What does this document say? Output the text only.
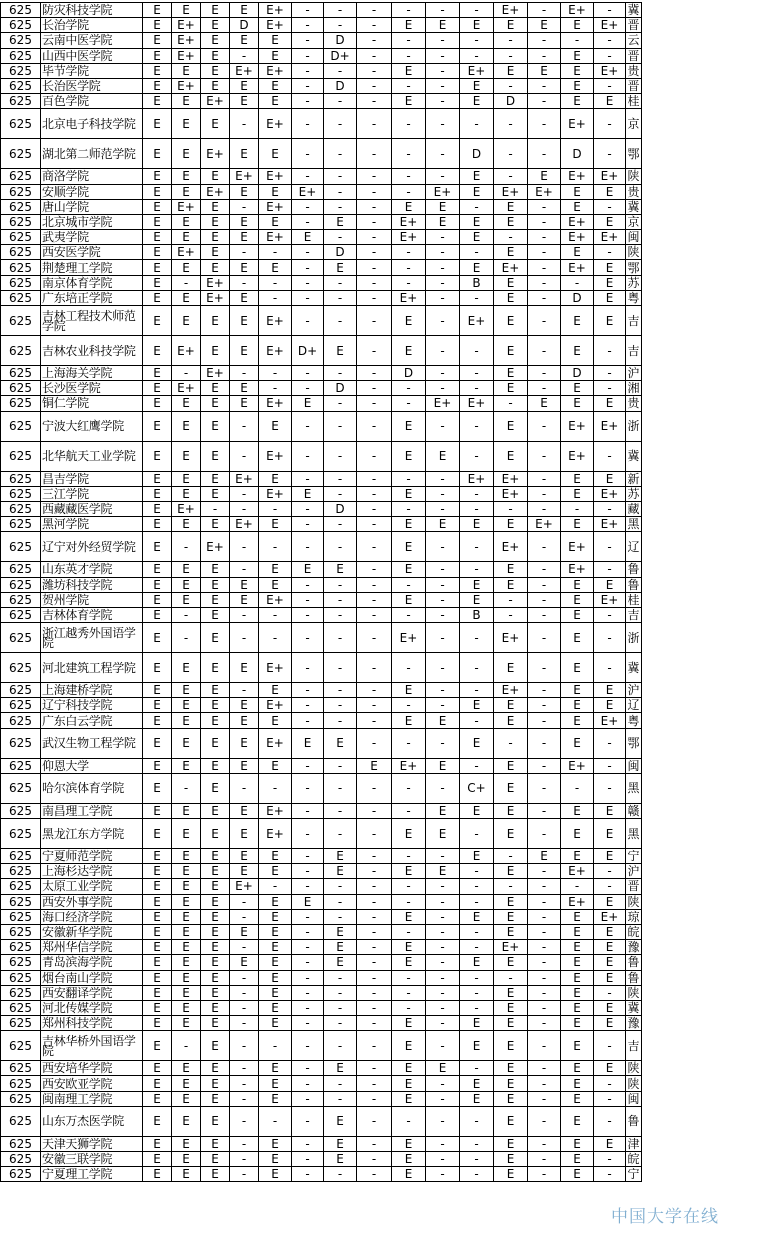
625	防灾科技学院	E	E	E	E	E+	-	-	-	-	-	-	E+	-	E+	-	冀
625	长治学院	E	E+	E	D	E+	-	-	-	E	E	E	E	E	E	E+	晋
625	云南中医学院	E	E+	E	E	E	-	D	-	-	-	-	-	-	-	-	云
625	山西中医学院	E	E+	E	-	E	-	D+	-	-	-	-	-	-	E	-	晋
625	毕节学院	E	E	E	E+	E+	-	-	-	E	-	E+	E	E	E	E+	贵
625	长治医学院	E	E+	E	E	E	-	D	-	-	-	E	-	-	E	-	晋
625	百色学院	E	E	E+	E	E	-	-	-	E	-	E	D	-	E	E	桂
625	北京电子科技学院	E	E	E	-	E+	-	-	-	-	-	-	-	-	E+	-	京
625	湖北第二师范学院	E	E	E+	E	E	-	-	-	-	-	D	-	-	D	-	鄂
625	商洛学院	E	E	E	E+	E+	-	-	-	-	-	E	-	E	E+	E+	陕
625	安顺学院	E	E	E+	E	E	E+	-	-	-	E+	E	E+	E+	E	E	贵
625	唐山学院	E	E+	E	-	E+	-	-	-	E	E	-	E	-	E	-	冀
625	北京城市学院	E	E	E	E	E	-	E	-	E+	E	E	E	-	E+	E	京
625	武夷学院	E	E	E	E	E+	E	-	-	E+	-	E	-	-	E+	E+	闽
625	西安医学院	E	E+	E	-	-	-	D	-	-	-	-	E	-	E	-	陕
625	荆楚理工学院	E	E	E	E	E	-	E	-	-	-	E	E+	-	E+	E	鄂
625	南京体育学院	E	-	E+	-	-	-	-	-	-	-	B	E	-	-	E	苏
625	广东培正学院	E	E	E+	E	-	-	-	-	E+	-	-	E	-	D	E	粤
625	吉林工程技术师范学院	E	E	E	E	E+	-	-	-	E	-	E+	E	-	E	E	吉
625	吉林农业科技学院	E	E+	E	E	E+	D+	E	-	E	-	-	E	-	E	-	吉
625	上海海关学院	E	-	E+	-	-	-	-	-	D	-	-	E	-	D	-	沪
625	长沙医学院	E	E+	E	E	-	-	D	-	-	-	-	E	-	E	-	湘
625	铜仁学院	E	E	E	E	E+	E	-	-	-	E+	E+	-	E	E	E	贵
625	宁波大红鹰学院	E	E	E	-	E	-	-	-	E	-	-	E	-	E+	E+	浙
625	北华航天工业学院	E	E	E	-	E+	-	-	-	E	E	-	E	-	E+	-	冀
625	昌吉学院	E	E	E	E+	E	-	-	-	-	-	E+	E+	-	E	E	新
625	三江学院	E	E	E	-	E+	E	-	-	E	-	-	E+	-	E	E+	苏
625	西藏藏医学院	E	E+	-	-	-	-	D	-	-	-	-	-	-	-	-	藏
625	黑河学院	E	E	E	E+	E	-	-	-	E	E	E	E	E+	E	E+	黑
625	辽宁对外经贸学院	E	-	E+	-	-	-	-	-	E	-	-	E+	-	E+	-	辽
625	山东英才学院	E	E	E	-	E	E	E	-	E	-	-	E	-	E+	-	鲁
625	潍坊科技学院	E	E	E	E	E	-	-	-	-	-	E	E	-	E	E	鲁
625	贺州学院	E	E	E	E	E+	-	-	-	E	-	E	-	-	E	E+	桂
625	吉林体育学院	E	-	E	-	-	-	-	-	-	-	B	-	-	E	-	吉
625	浙江越秀外国语学院	E	-	E	-	-	-	-	-	E+	-	-	E+	-	E	-	浙
625	河北建筑工程学院	E	E	E	E	E+	-	-	-	-	-	-	E	-	E	-	冀
625	上海建桥学院	E	E	E	-	E	-	-	-	E	-	-	E+	-	E	E	沪
625	辽宁科技学院	E	E	E	E	E+	-	-	-	-	-	E	E	-	E	E	辽
625	广东白云学院	E	E	E	E	E	-	-	-	E	E	-	E	-	E	E+	粤
625	武汉生物工程学院	E	E	E	E	E+	E	E	-	-	-	E	-	-	E	-	鄂
625	仰恩大学	E	E	E	E	E	-	-	E	E+	E	-	E	-	E+	-	闽
625	哈尔滨体育学院	E	-	E	-	-	-	-	-	-	-	C+	E	-	-	-	黑
625	南昌理工学院	E	E	E	E	E+	-	-	-	-	E	E	E	-	E	E	赣
625	黑龙江东方学院	E	E	E	E	E+	-	-	-	E	E	-	E	-	E	E	黑
625	宁夏师范学院	E	E	E	E	E	-	E	-	-	-	E	-	E	E	E	宁
625	上海杉达学院	E	E	E	E	E	-	E	-	E	E	-	E	-	E+	-	沪
625	太原工业学院	E	E	E	E+	-	-	-	-	-	-	-	-	-	-	-	晋
625	西安外事学院	E	E	E	-	E	E	-	-	-	-	-	E	-	E+	E	陕
625	海口经济学院	E	E	E	-	E	-	-	-	E	-	E	E	-	E	E+	琼
625	安徽新华学院	E	E	E	E	E	-	E	-	-	-	-	E	-	E	E	皖
625	郑州华信学院	E	E	E	-	E	-	E	-	E	-	-	E+	-	E	E	豫
625	青岛滨海学院	E	E	E	E	E	-	E	-	E	-	E	E	-	E	E	鲁
625	烟台南山学院	E	E	E	-	E	-	-	-	-	-	-	-	-	E	E	鲁
625	西安翻译学院	E	E	E	-	E	-	-	-	-	-	-	E	-	E	-	陕
625	河北传媒学院	E	E	E	-	E	-	-	-	-	-	-	E	-	E	E	冀
625	郑州科技学院	E	E	E	-	E	-	-	-	E	-	E	E	-	E	E	豫
625	吉林华桥外国语学院	E	-	E	-	-	-	-	-	E	-	E	E	-	E	-	吉
625	西安培华学院	E	E	E	-	E	-	E	-	E	E	-	E	-	E	E	陕
625	西安欧亚学院	E	E	E	-	E	-	-	-	E	-	E	E	-	E	-	陕
625	闽南理工学院	E	E	E	-	E	-	-	-	E	-	E	E	-	E	-	闽
625	山东万杰医学院	E	E	E	-	-	-	E	-	-	-	-	E	-	E	-	鲁
625	天津天狮学院	E	E	E	-	E	-	E	-	E	-	-	E	-	E	E	津
625	安徽三联学院	E	E	E	-	E	-	E	-	E	-	-	E	-	E	-	皖
625	宁夏理工学院	E	E	E	-	E	-	-	-	E	-	-	E	-	E	-	宁
中国大学在线
